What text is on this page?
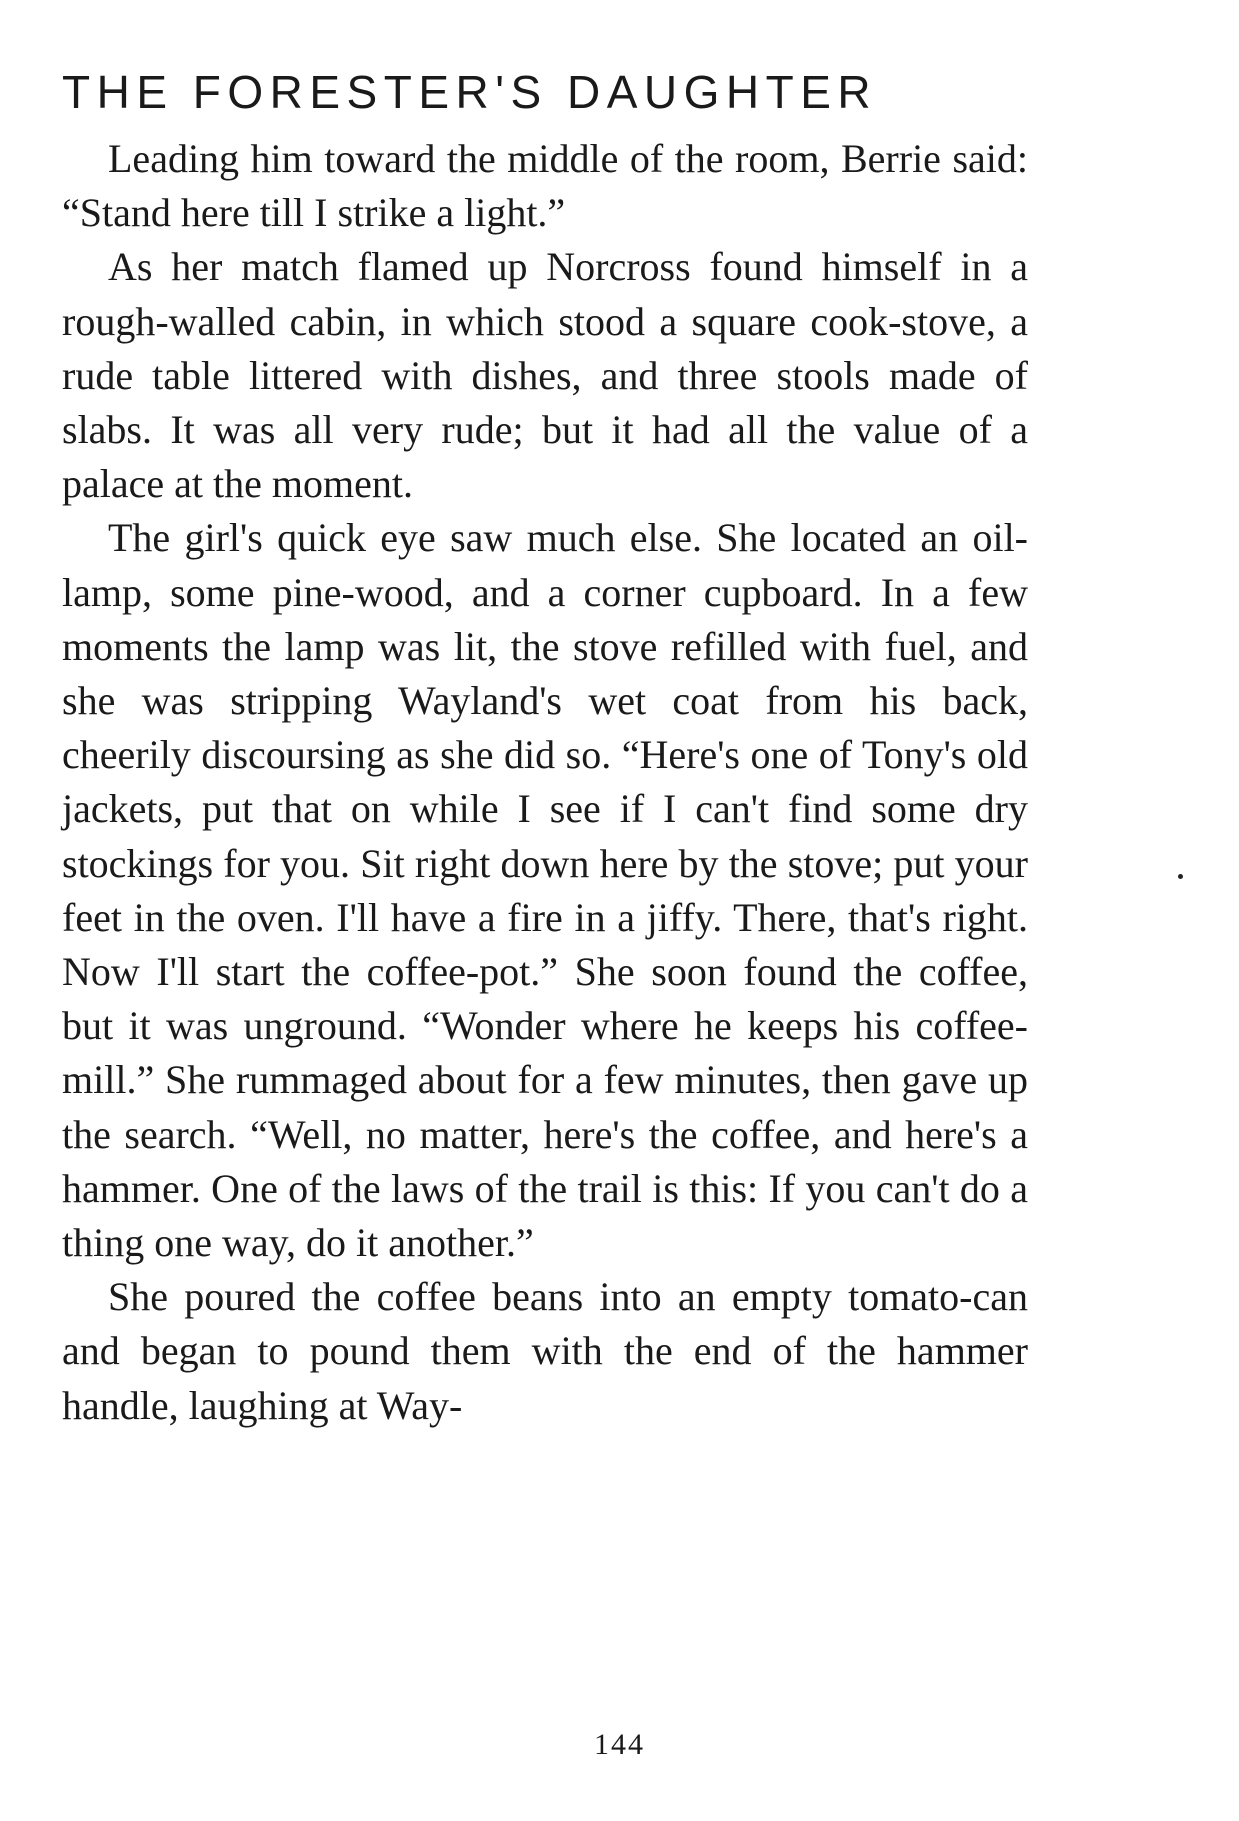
THE FORESTER'S DAUGHTER

Leading him toward the middle of the room, Berrie said: “Stand here till I strike a light.”

As her match flamed up Norcross found himself in a rough-walled cabin, in which stood a square cook-stove, a rude table littered with dishes, and three stools made of slabs. It was all very rude; but it had all the value of a palace at the moment.

The girl's quick eye saw much else. She located an oil-lamp, some pine-wood, and a corner cupboard. In a few moments the lamp was lit, the stove refilled with fuel, and she was stripping Wayland's wet coat from his back, cheerily discoursing as she did so. “Here's one of Tony's old jackets, put that on while I see if I can't find some dry stockings for you. Sit right down here by the stove; put your feet in the oven. I'll have a fire in a jiffy. There, that's right. Now I'll start the coffee-pot.” She soon found the coffee, but it was unground. “Wonder where he keeps his coffee-mill.” She rummaged about for a few minutes, then gave up the search. “Well, no matter, here's the coffee, and here's a hammer. One of the laws of the trail is this: If you can't do a thing one way, do it another.”

She poured the coffee beans into an empty tomato-can and began to pound them with the end of the hammer handle, laughing at Way-

144
